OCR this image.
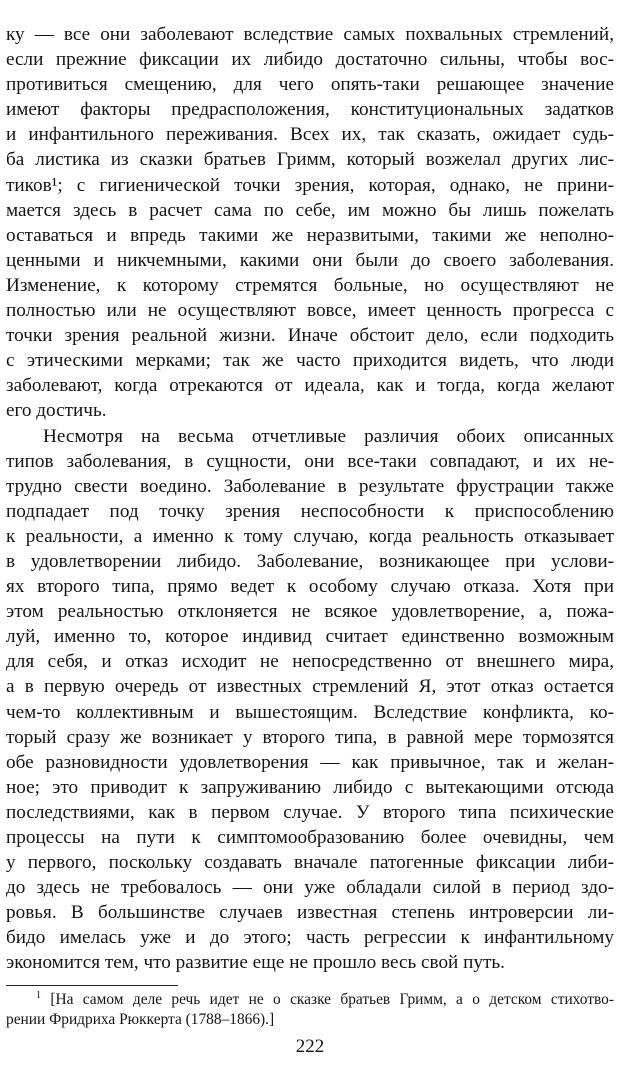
ку — все они заболевают вследствие самых похвальных стремлений,
если прежние фиксации их либидо достаточно сильны, чтобы вос-
противиться смещению, для чего опять-таки решающее значение
имеют факторы предрасположения, конституциональных задатков
и инфантильного переживания. Всех их, так сказать, ожидает судь-
ба листика из сказки братьев Гримм, который возжелал других лис-
тиков¹; с гигиенической точки зрения, которая, однако, не прини-
мается здесь в расчет сама по себе, им можно бы лишь пожелать
оставаться и впредь такими же неразвитыми, такими же неполно-
ценными и никчемными, какими они были до своего заболевания.
Изменение, к которому стремятся больные, но осуществляют не
полностью или не осуществляют вовсе, имеет ценность прогресса с
точки зрения реальной жизни. Иначе обстоит дело, если подходить
с этическими мерками; так же часто приходится видеть, что люди
заболевают, когда отрекаются от идеала, как и тогда, когда желают
его достичь.
Несмотря на весьма отчетливые различия обоих описанных
типов заболевания, в сущности, они все-таки совпадают, и их не-
трудно свести воедино. Заболевание в результате фрустрации также
подпадает под точку зрения неспособности к приспособлению
к реальности, а именно к тому случаю, когда реальность отказывает
в удовлетворении либидо. Заболевание, возникающее при услови-
ях второго типа, прямо ведет к особому случаю отказа. Хотя при
этом реальностью отклоняется не всякое удовлетворение, а, пожа-
луй, именно то, которое индивид считает единственно возможным
для себя, и отказ исходит не непосредственно от внешнего мира,
а в первую очередь от известных стремлений Я, этот отказ остается
чем-то коллективным и вышестоящим. Вследствие конфликта, ко-
торый сразу же возникает у второго типа, в равной мере тормозятся
обе разновидности удовлетворения — как привычное, так и желан-
ное; это приводит к запруживанию либидо с вытекающими отсюда
последствиями, как в первом случае. У второго типа психические
процессы на пути к симптомообразованию более очевидны, чем
у первого, поскольку создавать вначале патогенные фиксации либи-
до здесь не требовалось — они уже обладали силой в период здо-
ровья. В большинстве случаев известная степень интроверсии ли-
бидо имелась уже и до этого; часть регрессии к инфантильному
экономится тем, что развитие еще не прошло весь свой путь.
$^1$ [На самом деле речь идет не о сказке братьев Гримм, а о детском стихотво-
рении Фридриха Рюккерта (1788–1866).]
222
